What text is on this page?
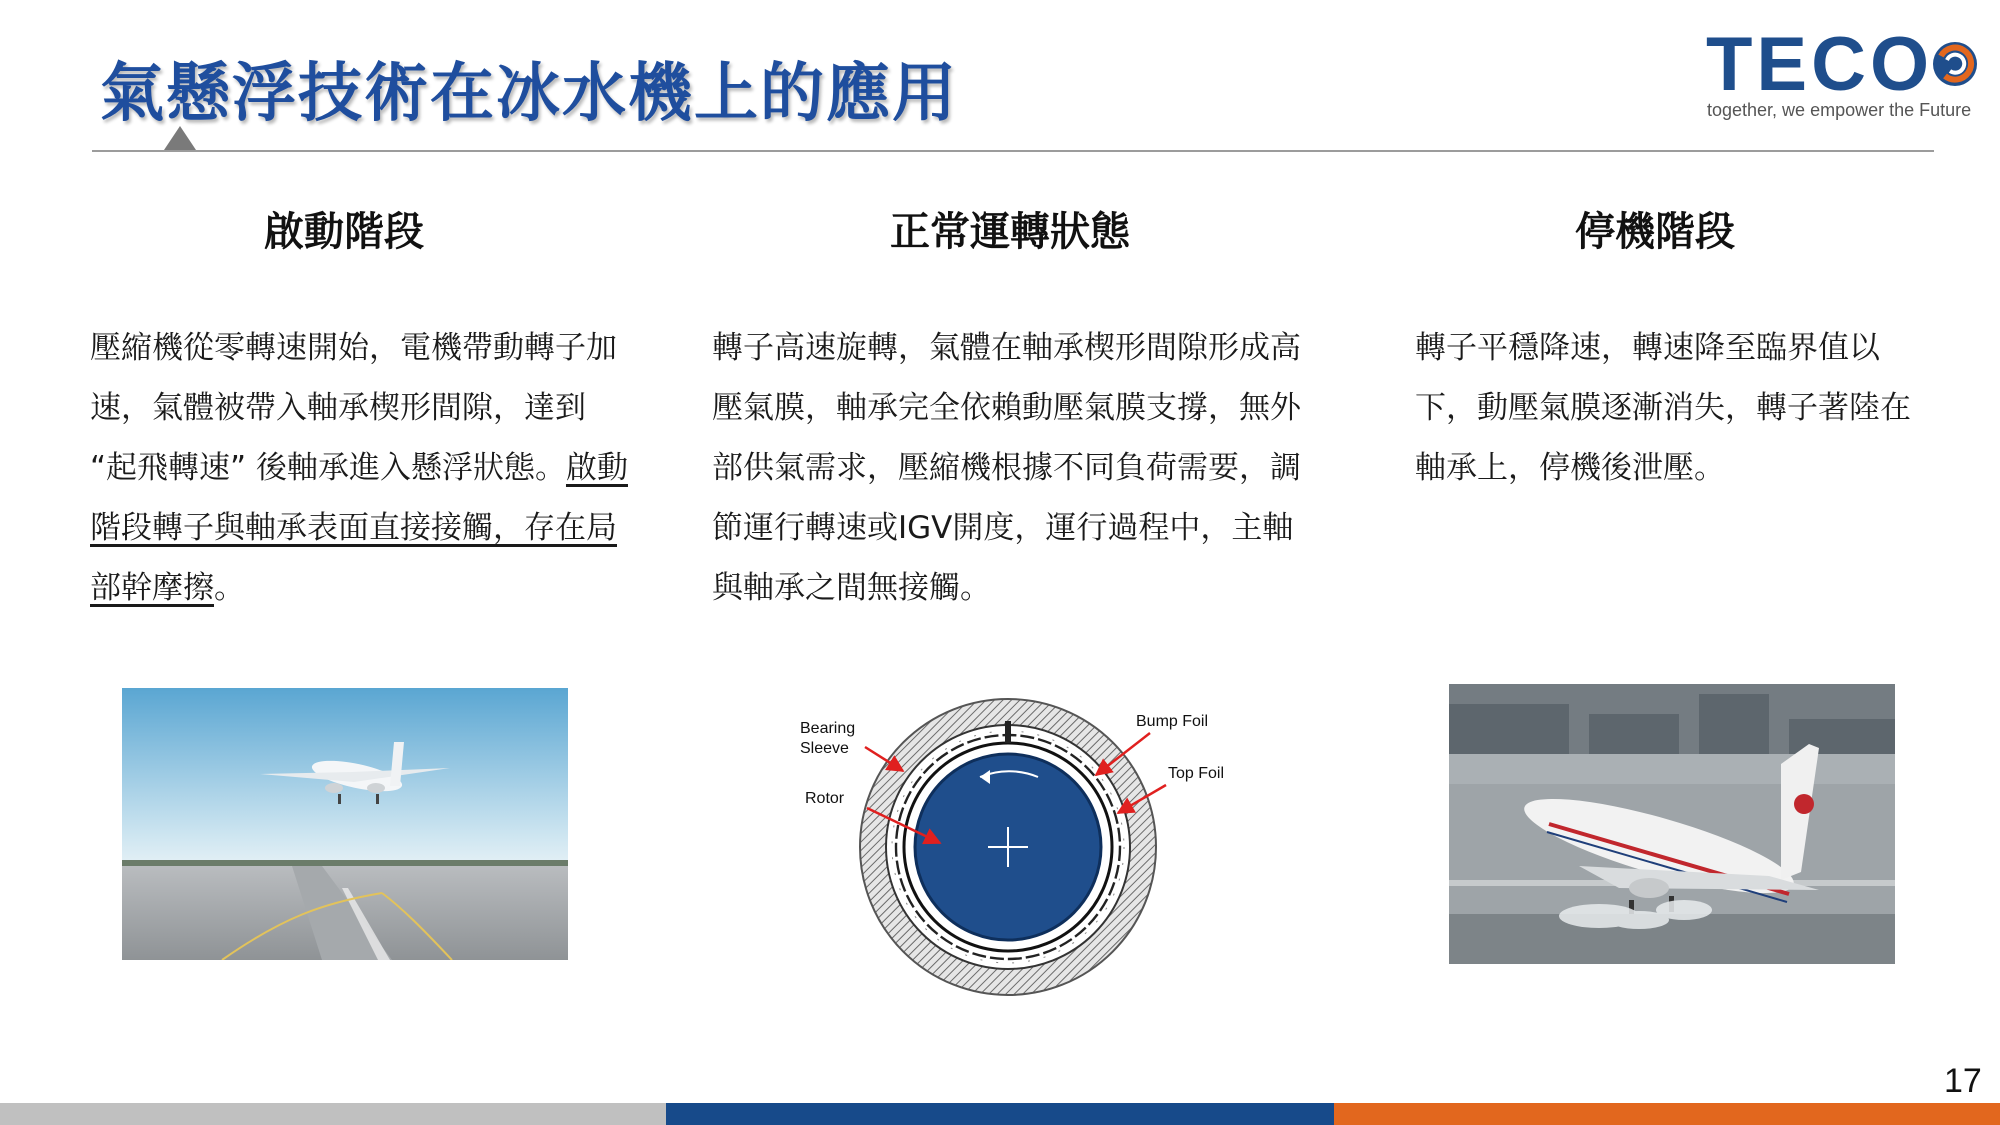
氣懸浮技術在冰水機上的應用	TECO
together, we empower the Future
啟動階段	正常運轉狀態	停機階段

壓縮機從零轉速開始，電機帶動轉子加速，氣體被帶入軸承楔形間隙，達到 “起飛轉速” 後軸承進入懸浮狀態。啟動階段轉子與軸承表面直接接觸，存在局部幹摩擦。

轉子高速旋轉，氣體在軸承楔形間隙形成高壓氣膜，軸承完全依賴動壓氣膜支撐，無外部供氣需求，壓縮機根據不同負荷需要，調節運行轉速或IGV開度，運行過程中，主軸與軸承之間無接觸。

轉子平穩降速，轉速降至臨界值以下，動壓氣膜逐漸消失，轉子著陸在軸承上，停機後泄壓。

Bearing
Sleeve
Rotor
Bump Foil
Top Foil
17
